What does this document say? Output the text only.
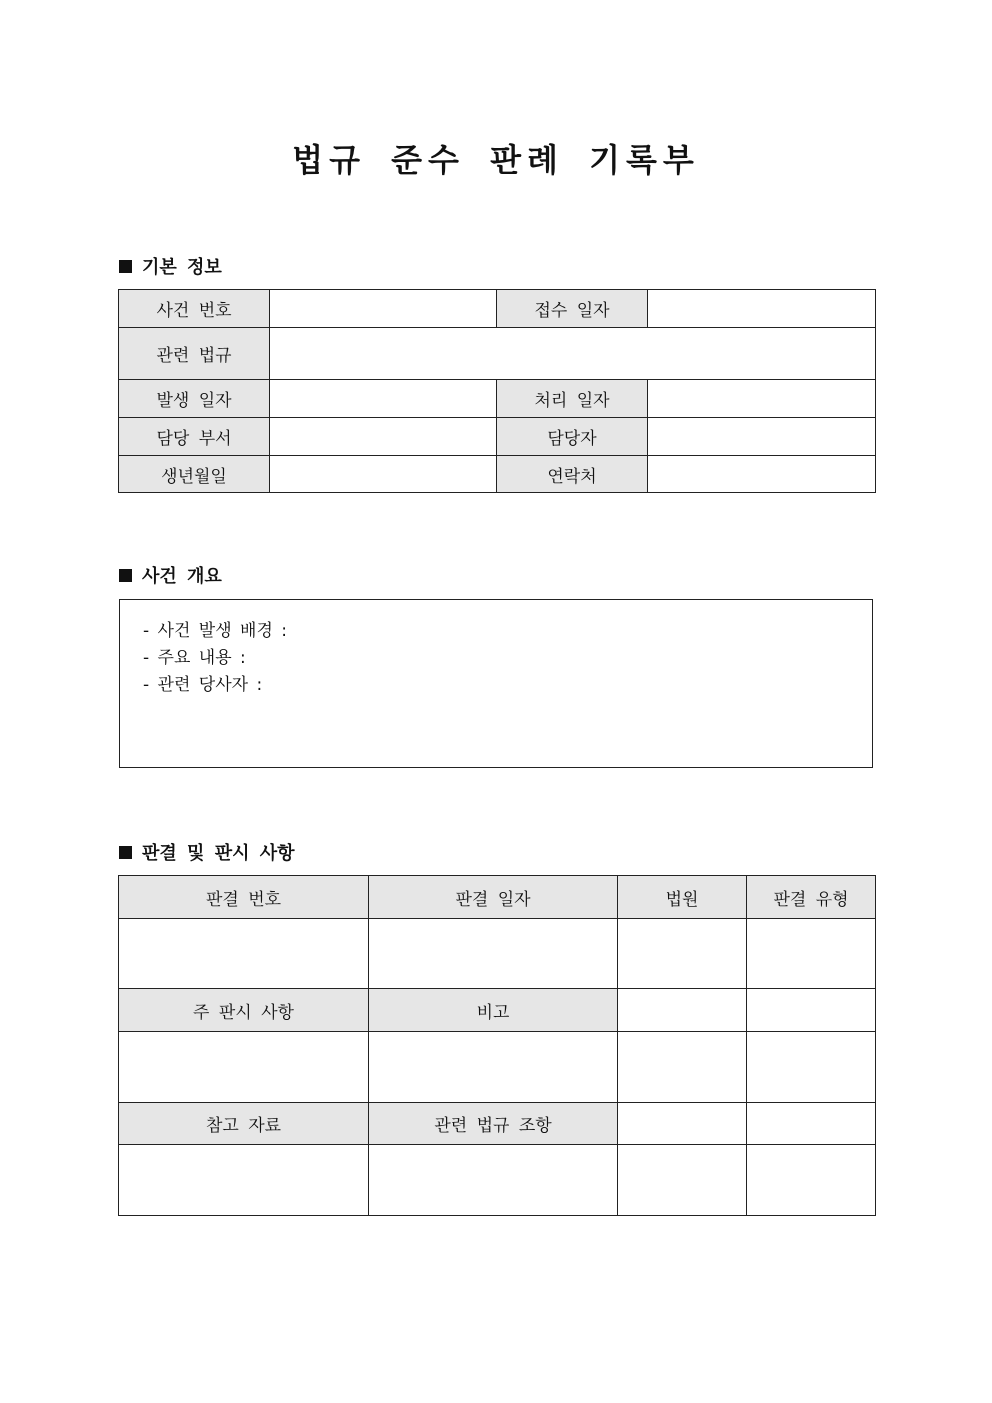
법규 준수 판례 기록부
기본 정보
사건 번호		접수 일자	
관련 법규			
발생 일자		처리 일자	
담당 부서		담당자	
생년월일		연락처	
사건 개요
- 사건 발생 배경 :
- 주요 내용 :
- 관련 당사자 :
판결 및 판시 사항
판결 번호	판결 일자	법원	판결 유형

주 판시 사항	비고		

참고 자료	관련 법규 조항		
